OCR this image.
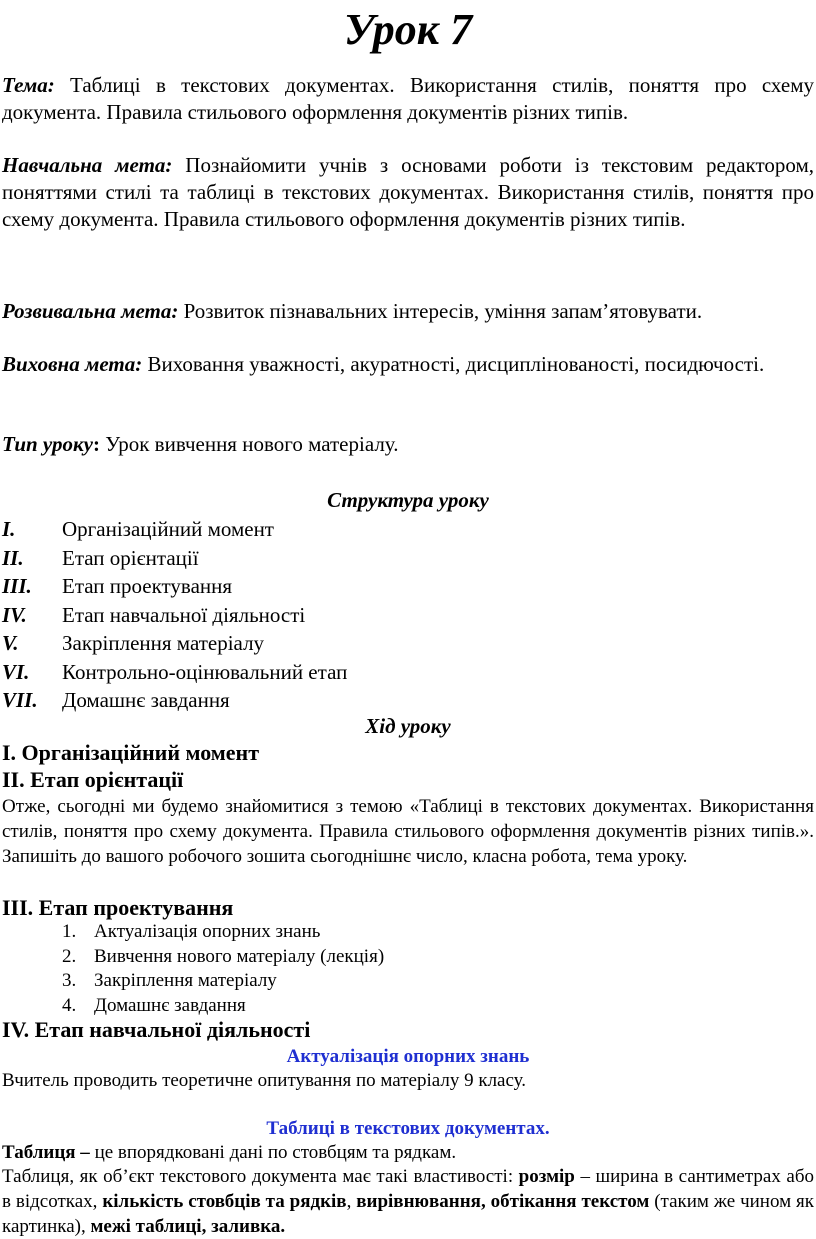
Урок 7
Тема: Таблиці в текстових документах. Використання стилів, поняття про схему документа. Правила стильового оформлення документів різних типів.
Навчальна мета: Познайомити учнів з основами роботи із текстовим редактором, поняттями стилі та таблиці в текстових документах. Використання стилів, поняття про схему документа. Правила стильового оформлення документів різних типів.
Розвивальна мета: Розвиток пізнавальних інтересів, уміння запам’ятовувати.
Виховна мета: Виховання уважності, акуратності, дисциплінованості, посидючості.
Тип уроку: Урок вивчення нового матеріалу.
Структура уроку
I.	Організаційний момент
II.	Етап орієнтації
III.	Етап проектування
IV.	Етап навчальної діяльності
V.	Закріплення матеріалу
VI.	Контрольно-оцінювальний етап
VII.	Домашнє завдання
Хід уроку
I. Організаційний момент
II. Етап орієнтації
Отже, сьогодні ми будемо знайомитися з темою «Таблиці в текстових документах. Використання стилів, поняття про схему документа. Правила стильового оформлення документів різних типів.». Запишіть до вашого робочого зошита сьогоднішнє число, класна робота, тема уроку.
III. Етап проектування
1. Актуалізація опорних знань
2. Вивчення нового матеріалу (лекція)
3. Закріплення матеріалу
4. Домашнє завдання
IV. Етап навчальної діяльності
Актуалізація опорних знань
Вчитель проводить теоретичне опитування по матеріалу 9 класу.
Таблиці в текстових документах.
Таблиця – це впорядковані дані по стовбцям та рядкам.
Таблиця, як об’єкт текстового документа має такі властивості: розмір – ширина в сантиметрах або в відсотках, кількість стовбців та рядків, вирівнювання, обтікання текстом (таким же чином як картинка), межі таблиці, заливка.
